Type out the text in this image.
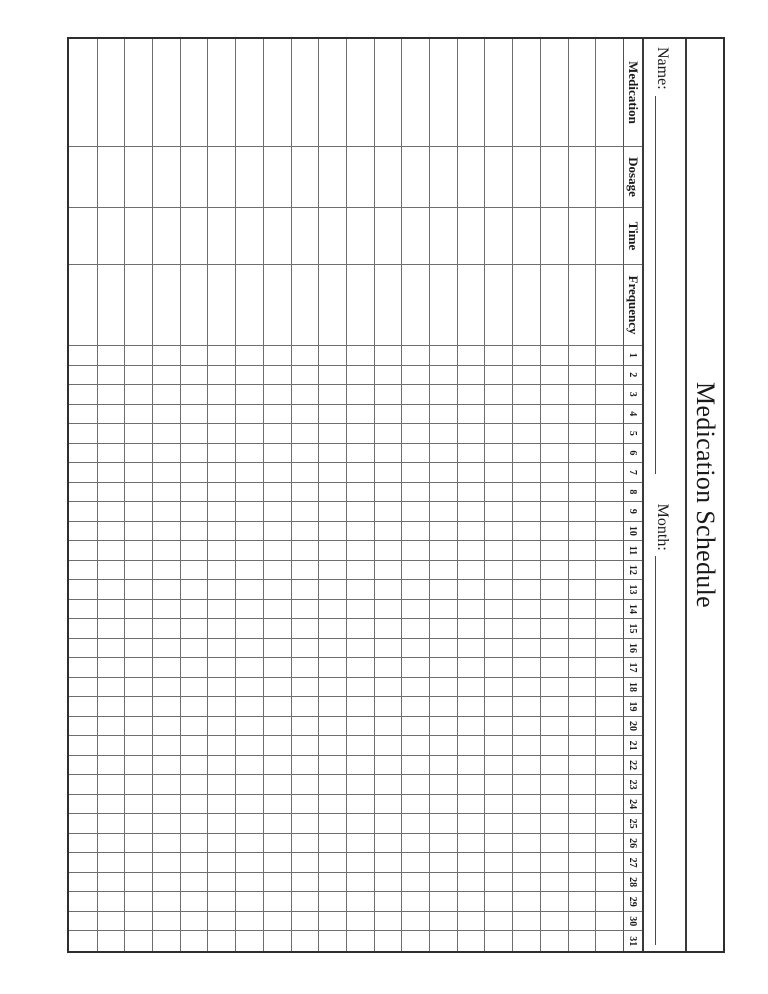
Medication Schedule
Name:
Month:
Medication
Dosage
Time
Frequency
1
2
3
4
5
6
7
8
9
10
11
12
13
14
15
16
17
18
19
20
21
22
23
24
25
26
27
28
29
30
31
